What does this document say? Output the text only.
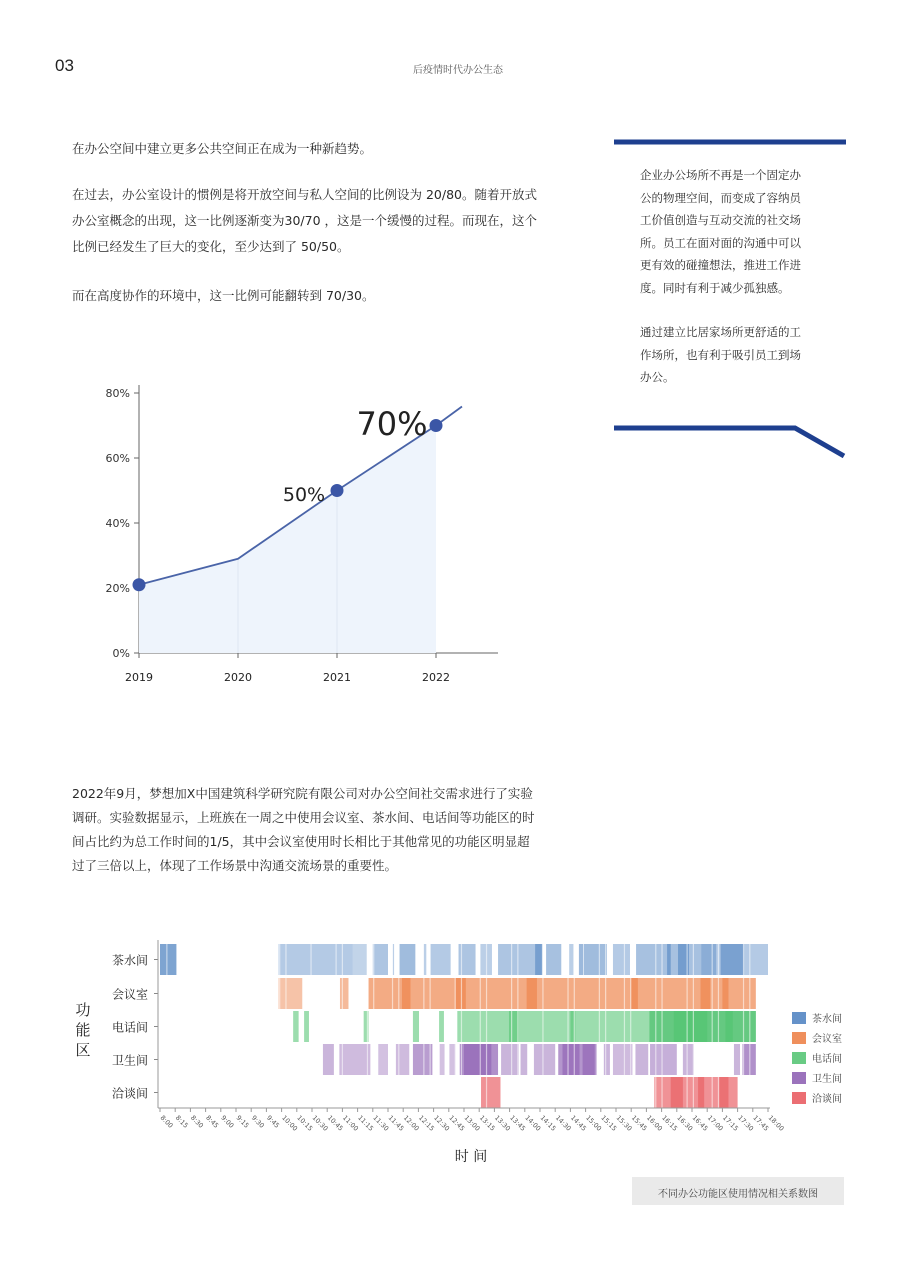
03	后疫情时代办公生态
在办公空间中建立更多公共空间正在成为一种新趋势。
在过去，办公室设计的惯例是将开放空间与私人空间的比例设为 20/80。随着开放式办公室概念的出现，这一比例逐渐变为30/70 ，这是一个缓慢的过程。而现在，这个比例已经发生了巨大的变化，至少达到了 50/50。
而在高度协作的环境中，这一比例可能翻转到 70/30。
2022年9月，梦想加X中国建筑科学研究院有限公司对办公空间社交需求进行了实验调研。实验数据显示，上班族在一周之中使用会议室、茶水间、电话间等功能区的时间占比约为总工作时间的1/5，其中会议室使用时长相比于其他常见的功能区明显超过了三倍以上，体现了工作场景中沟通交流场景的重要性。

企业办公场所不再是一个固定办公的物理空间，而变成了容纳员工价值创造与互动交流的社交场所。员工在面对面的沟通中可以更有效的碰撞想法，推进工作进度。同时有利于减少孤独感。

通过建立比居家场所更舒适的工作场所，也有利于吸引员工到场办公。

0%
20%
40%
60%
80%
2019	2020	2021	2022
50%
70%
茶水间
会议室
电话间
卫生间
洽谈间
功
能
区
8:00 8:15 8:30 8:45 9:00 9:15 9:30 9:45 10:00
10:15
10:30
10:45
11:00
11:15
11:30
11:45
12:00
12:15
12:30
12:45
13:00
13:15
13:30
13:45
14:00
14:15
14:30
14:45
15:00
15:15
15:30
15:45
16:00
16:15
16:30
16:45
17:00
17:15
17:30
17:45
18:00
时 间
茶水间
会议室
电话间
卫生间
洽谈间
不同办公功能区使用情况相关系数图
